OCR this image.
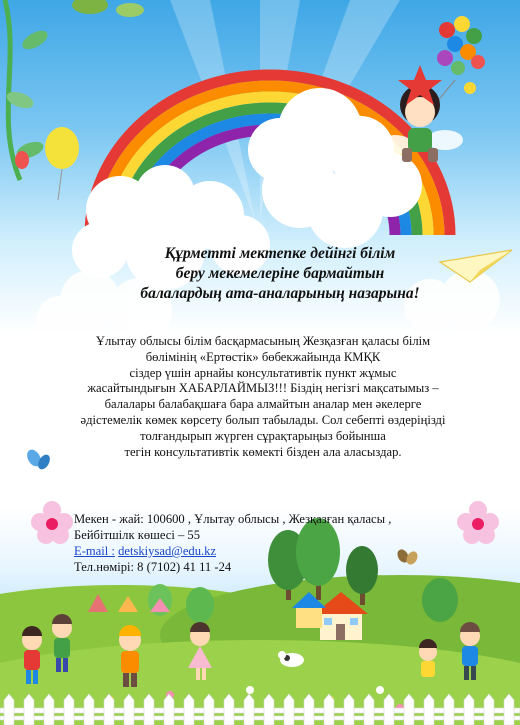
Құрметті мектепке дейінгі білім
беру мекемелеріне бармайтын
балалардың ата-аналарының назарына!
Ұлытау облысы білім басқармасының Жезқазған қаласы білім
бөлімінің «Ертөстік» бөбекжайында КМҚК
сіздер үшін арнайы консультативтік пункт жұмыс
жасайтындығын ХАБАРЛАЙМЫЗ!!! Біздің негізгі мақсатымыз –
балалары балабақшаға бара алмайтын аналар мен әкелерге
әдістемелік көмек көрсету болып табылады. Сол себепті өздеріңізді
толғандырып жүрген сұрақтарыңыз бойынша
тегін консультативтік көмекті бізден ала аласыздар.
Мекен - жай: 100600 , Ұлытау облысы , Жезқазған қаласы ,
Бейбітшілк көшесі – 55
E-mail : detskiysad@edu.kz
Тел.нөмірі: 8 (7102) 41 11 -24
